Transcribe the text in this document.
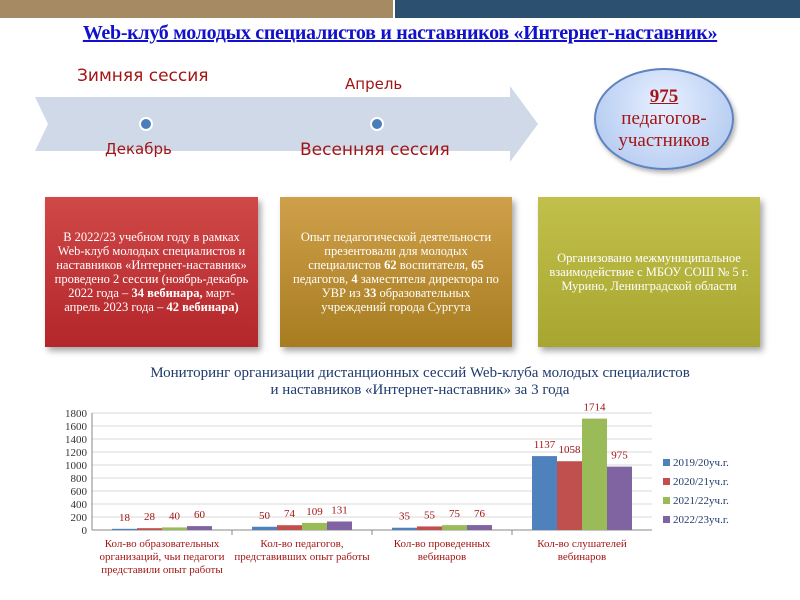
Web-клуб молодых специалистов и наставников «Интернет-наставник»
Зимняя сессия
Декабрь
Апрель
Весенняя сессия
975
педагогов-
участников
В 2022/23 учебном году в рамках Web-клуб молодых специалистов и наставников «Интернет-наставник» проведено 2 сессии (ноябрь-декабрь 2022 года – 34 вебинара, март-апрель 2023 года – 42 вебинара)
Опыт педагогической деятельности презентовали для молодых специалистов 62 воспитателя, 65 педагогов, 4 заместителя директора по УВР из 33 образовательных учреждений города Сургута
Организовано межмуниципальное взаимодействие с МБОУ СОШ № 5 г. Мурино, Ленинградской области
Мониторинг организации дистанционных сессий Web-клуба молодых специалистов
и наставников «Интернет-наставник» за 3 года
0
200
400
600
800
1000
1200
1400
1600
1800
18 28 40 60
Кол-во образовательных
организаций, чьи педагоги
представили опыт работы
50 74 109 131
Кол-во педагогов,
представивших опыт работы
35 55 75 76
Кол-во проведенных
вебинаров
1137 1058
1714
975
Кол-во слушателей
вебинаров
2019/20уч.г.
2020/21уч.г.
2021/22уч.г.
2022/23уч.г.
